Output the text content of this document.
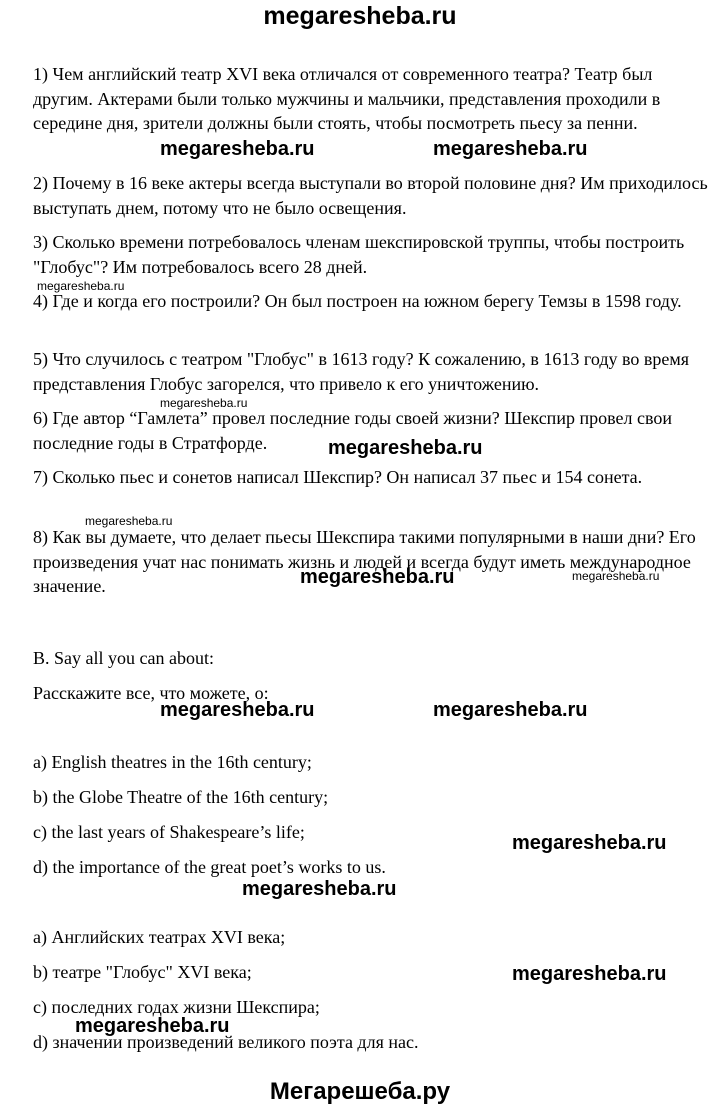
megaresheba.ru

1) Чем английский театр XVI века отличался от современного театра? Театр был другим. Актерами были только мужчины и мальчики, представления проходили в середине дня, зрители должны были стоять, чтобы посмотреть пьесу за пенни.

2) Почему в 16 веке актеры всегда выступали во второй половине дня? Им приходилось выступать днем, потому что не было освещения.

3) Сколько времени потребовалось членам шекспировской труппы, чтобы построить "Глобус"? Им потребовалось всего 28 дней.

4) Где и когда его построили? Он был построен на южном берегу Темзы в 1598 году.

5) Что случилось с театром "Глобус" в 1613 году? К сожалению, в 1613 году во время представления Глобус загорелся, что привело к его уничтожению.

6) Где автор “Гамлета” провел последние годы своей жизни? Шекспир провел свои последние годы в Стратфорде.

7) Сколько пьес и сонетов написал Шекспир? Он написал 37 пьес и 154 сонета.

8) Как вы думаете, что делает пьесы Шекспира такими популярными в наши дни? Его произведения учат нас понимать жизнь и людей и всегда будут иметь международное значение.

B. Say all you can about:

Расскажите все, что можете, о:

a) English theatres in the 16th century;

b) the Globe Theatre of the 16th century;

c) the last years of Shakespeare’s life;

d) the importance of the great poet’s works to us.

a) Английских театрах XVI века;

b) театре "Глобус" XVI века;

c) последних годах жизни Шекспира;

d) значении произведений великого поэта для нас.

megaresheba.ru	megaresheba.ru
megaresheba.ru
megaresheba.ru
megaresheba.ru
megaresheba.ru
megaresheba.ru	megaresheba.ru
megaresheba.ru	megaresheba.ru
megaresheba.ru
megaresheba.ru
megaresheba.ru
megaresheba.ru
Мегарешеба.ру
